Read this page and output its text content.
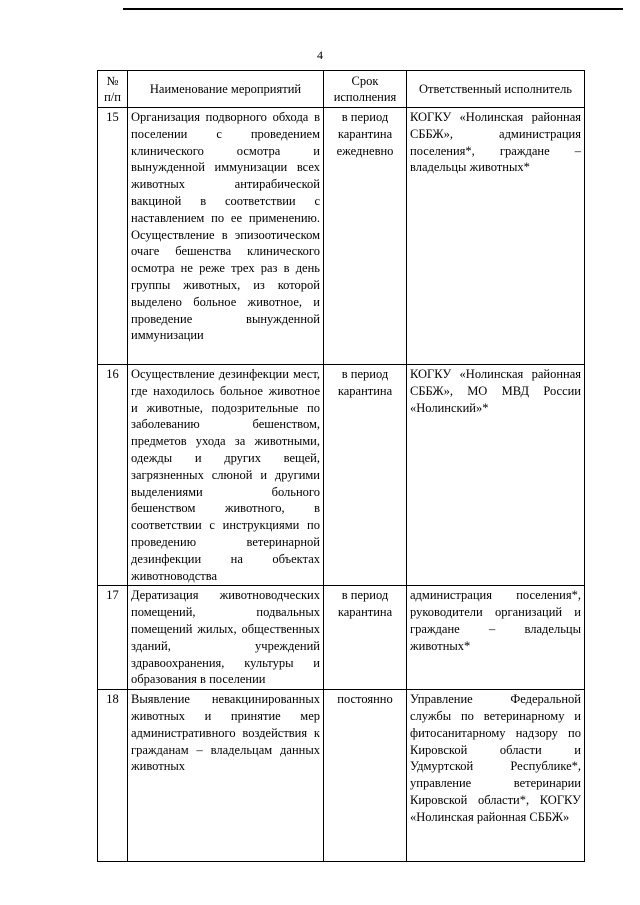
4
№ п/п	Наименование мероприятий	Срок исполнения	Ответственный исполнитель
15	Организация подворного обхода в поселении с проведением клинического осмотра и вынужденной иммунизации всех животных антирабической вакциной в соответствии с наставлением по ее применению. Осуществление в эпизоотическом очаге бешенства клинического осмотра не реже трех раз в день группы животных, из которой выделено больное животное, и проведение вынужденной иммунизации	в период карантина ежедневно	КОГКУ «Нолинская районная СББЖ», администрация поселения*, граждане – владельцы животных*
16	Осуществление дезинфекции мест, где находилось больное животное и животные, подозрительные по заболеванию бешенством, предметов ухода за животными, одежды и других вещей, загрязненных слюной и другими выделениями больного бешенством животного, в соответствии с инструкциями по проведению ветеринарной дезинфекции на объектах животноводства	в период карантина	КОГКУ «Нолинская районная СББЖ», МО МВД России «Нолинский»*
17	Дератизация животноводческих помещений, подвальных помещений жилых, общественных зданий, учреждений здравоохранения, культуры и образования в поселении	в период карантина	администрация поселения*, руководители организаций и граждане – владельцы животных*
18	Выявление невакцинированных животных и принятие мер административного воздействия к гражданам – владельцам данных животных	постоянно	Управление Федеральной службы по ветеринарному и фитосанитарному надзору по Кировской области и Удмуртской Республике*, управление ветеринарии Кировской области*, КОГКУ «Нолинская районная СББЖ»
